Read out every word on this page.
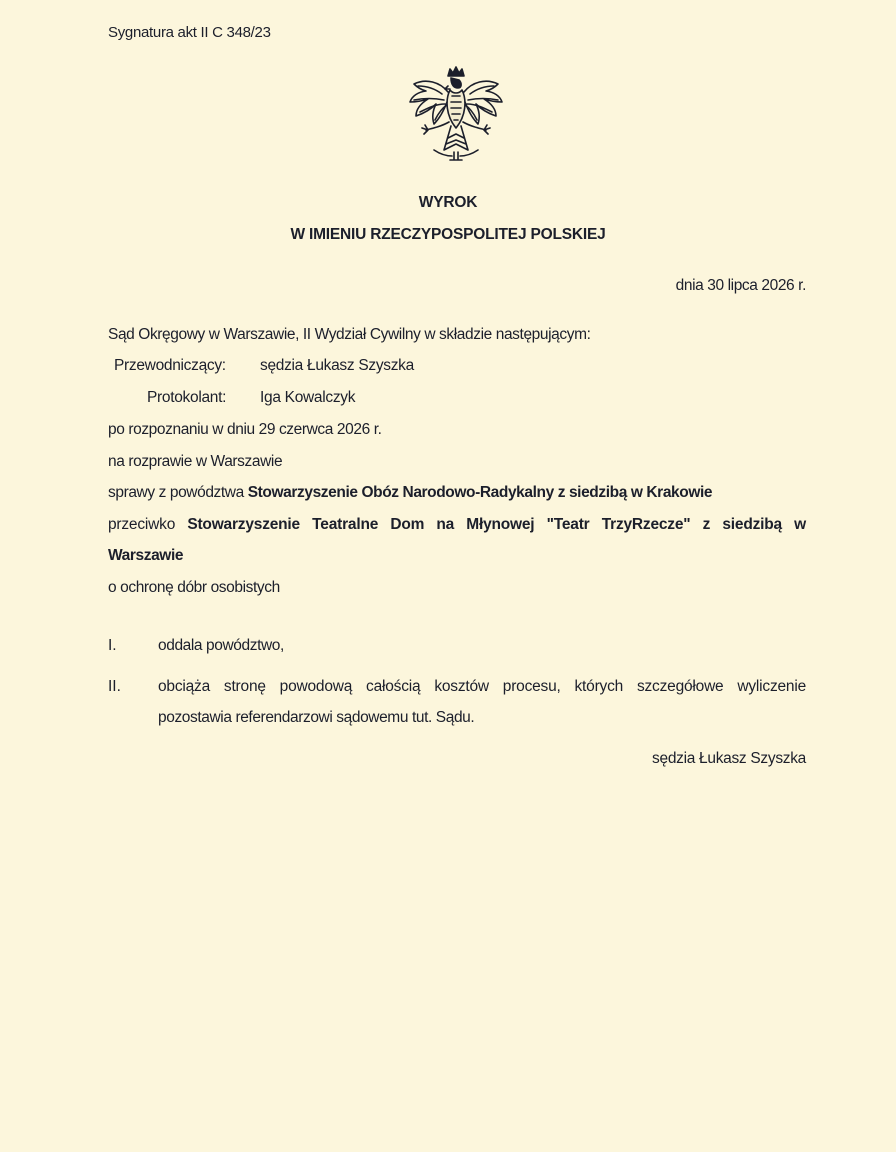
Sygnatura akt II C 348/23
WYROK
W IMIENIU RZECZYPOSPOLITEJ POLSKIEJ
dnia 30 lipca 2026 r.
Sąd Okręgowy w Warszawie, II Wydział Cywilny w składzie następującym:
Przewodniczący: sędzia Łukasz Szyszka
Protokolant: Iga Kowalczyk
po rozpoznaniu w dniu 29 czerwca 2026 r.
na rozprawie w Warszawie
sprawy z powództwa Stowarzyszenie Obóz Narodowo-Radykalny z siedzibą w Krakowie
przeciwko Stowarzyszenie Teatralne Dom na Młynowej "Teatr TrzyRzecze" z siedzibą w
Warszawie
o ochronę dóbr osobistych
I.	oddala powództwo,
II. obciąża stronę powodową całością kosztów procesu, których szczegółowe wyliczenie
pozostawia referendarzowi sądowemu tut. Sądu.
sędzia Łukasz Szyszka
